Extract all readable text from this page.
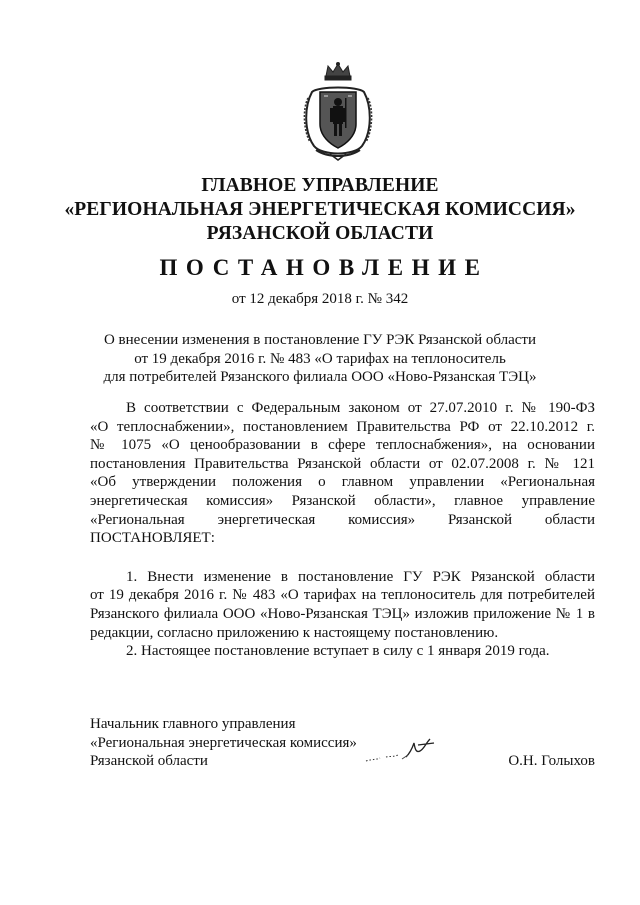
ГЛАВНОЕ УПРАВЛЕНИЕ
«РЕГИОНАЛЬНАЯ ЭНЕРГЕТИЧЕСКАЯ КОМИССИЯ»
РЯЗАНСКОЙ ОБЛАСТИ
ПОСТАНОВЛЕНИЕ
от 12 декабря 2018 г. № 342
О внесении изменения в постановление ГУ РЭК Рязанской области
от 19 декабря 2016 г. № 483 «О тарифах на теплоноситель
для потребителей Рязанского филиала ООО «Ново-Рязанская ТЭЦ»
В соответствии с Федеральным законом от 27.07.2010 г. № 190-ФЗ
«О теплоснабжении», постановлением Правительства РФ от 22.10.2012 г.
№ 1075 «О ценообразовании в сфере теплоснабжения», на основании
постановления Правительства Рязанской области от 02.07.2008 г. № 121
«Об утверждении положения о главном управлении «Региональная
энергетическая комиссия» Рязанской области», главное управление
«Региональная энергетическая комиссия» Рязанской области
ПОСТАНОВЛЯЕТ:
1. Внести изменение в постановление ГУ РЭК Рязанской области
от 19 декабря 2016 г. № 483 «О тарифах на теплоноситель для потребителей
Рязанского филиала ООО «Ново-Рязанская ТЭЦ» изложив приложение № 1 в
редакции, согласно приложению к настоящему постановлению.
2. Настоящее постановление вступает в силу с 1 января 2019 года.
Начальник главного управления
«Региональная энергетическая комиссия»
Рязанской области	О.Н. Голыхов
